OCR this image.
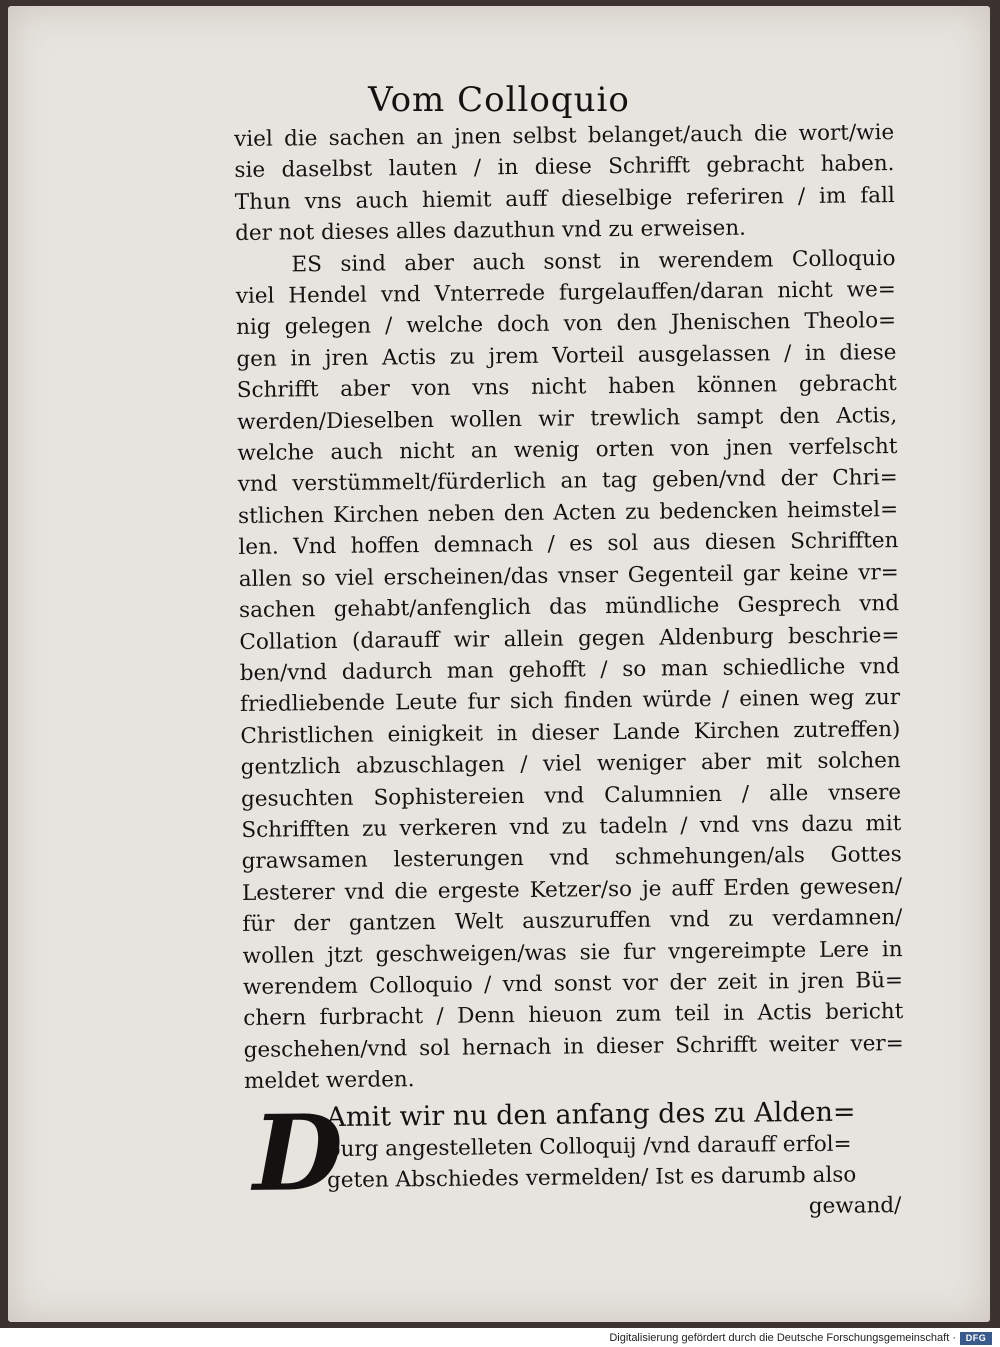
Vom Colloquio
viel die sachen an jnen selbst belanget/auch die wort/wie
sie daselbst lauten / in diese Schrifft gebracht haben.
Thun vns auch hiemit auff dieselbige referiren / im fall
der not dieses alles dazuthun vnd zu erweisen.
ES sind aber auch sonst in werendem Colloquio
viel Hendel vnd Vnterrede furgelauffen/daran nicht we=
nig gelegen / welche doch von den Jhenischen Theolo=
gen in jren Actis zu jrem Vorteil ausgelassen / in diese
Schrifft aber von vns nicht haben können gebracht
werden/Dieselben wollen wir trewlich sampt den Actis,
welche auch nicht an wenig orten von jnen verfelscht
vnd verstümmelt/fürderlich an tag geben/vnd der Chri=
stlichen Kirchen neben den Acten zu bedencken heimstel=
len. Vnd hoffen demnach / es sol aus diesen Schrifften
allen so viel erscheinen/das vnser Gegenteil gar keine vr=
sachen gehabt/anfenglich das mündliche Gesprech vnd
Collation (darauff wir allein gegen Aldenburg beschrie=
ben/vnd dadurch man gehofft / so man schiedliche vnd
friedliebende Leute fur sich finden würde / einen weg zur
Christlichen einigkeit in dieser Lande Kirchen zutreffen)
gentzlich abzuschlagen / viel weniger aber mit solchen
gesuchten Sophistereien vnd Calumnien / alle vnsere
Schrifften zu verkeren vnd zu tadeln / vnd vns dazu mit
grawsamen lesterungen vnd schmehungen/als Gottes
Lesterer vnd die ergeste Ketzer/so je auff Erden gewesen/
für der gantzen Welt auszuruffen vnd zu verdamnen/
wollen jtzt geschweigen/was sie fur vngereimpte Lere in
werendem Colloquio / vnd sonst vor der zeit in jren Bü=
chern furbracht / Denn hieuon zum teil in Actis bericht
geschehen/vnd sol hernach in dieser Schrifft weiter ver=
meldet werden.
D
Amit wir nu den anfang des zu Alden=
burg angestelleten Colloquij /vnd darauff erfol=
geten Abschiedes vermelden/ Ist es darumb also
gewand/
Digitalisierung gefördert durch die Deutsche Forschungsgemeinschaft ·	DFG
